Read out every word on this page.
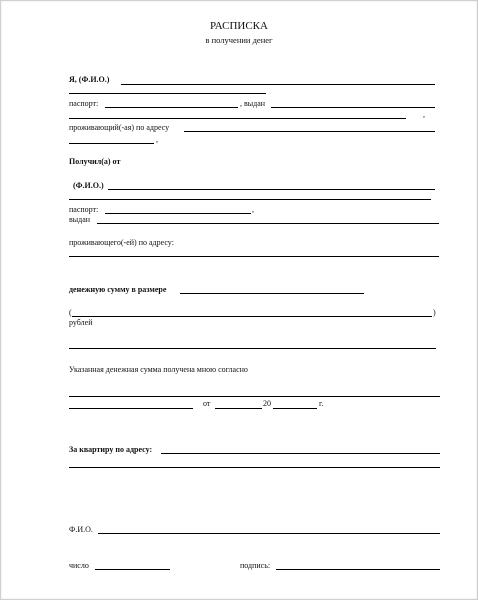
РАСПИСКА
в получении денег
Я, (Ф.И.О.)
паспорт:	, выдан
,
проживающий(-ая) по адресу
,
Получил(а) от
(Ф.И.О.)
паспорт:	,
выдан
проживающего(-ей) по адресу:
денежную сумму в размере
(	)
рублей
Указанная денежная сумма получена мною согласно
от	20	г.
За квартиру по адресу:
Ф.И.О.
число	подпись:
